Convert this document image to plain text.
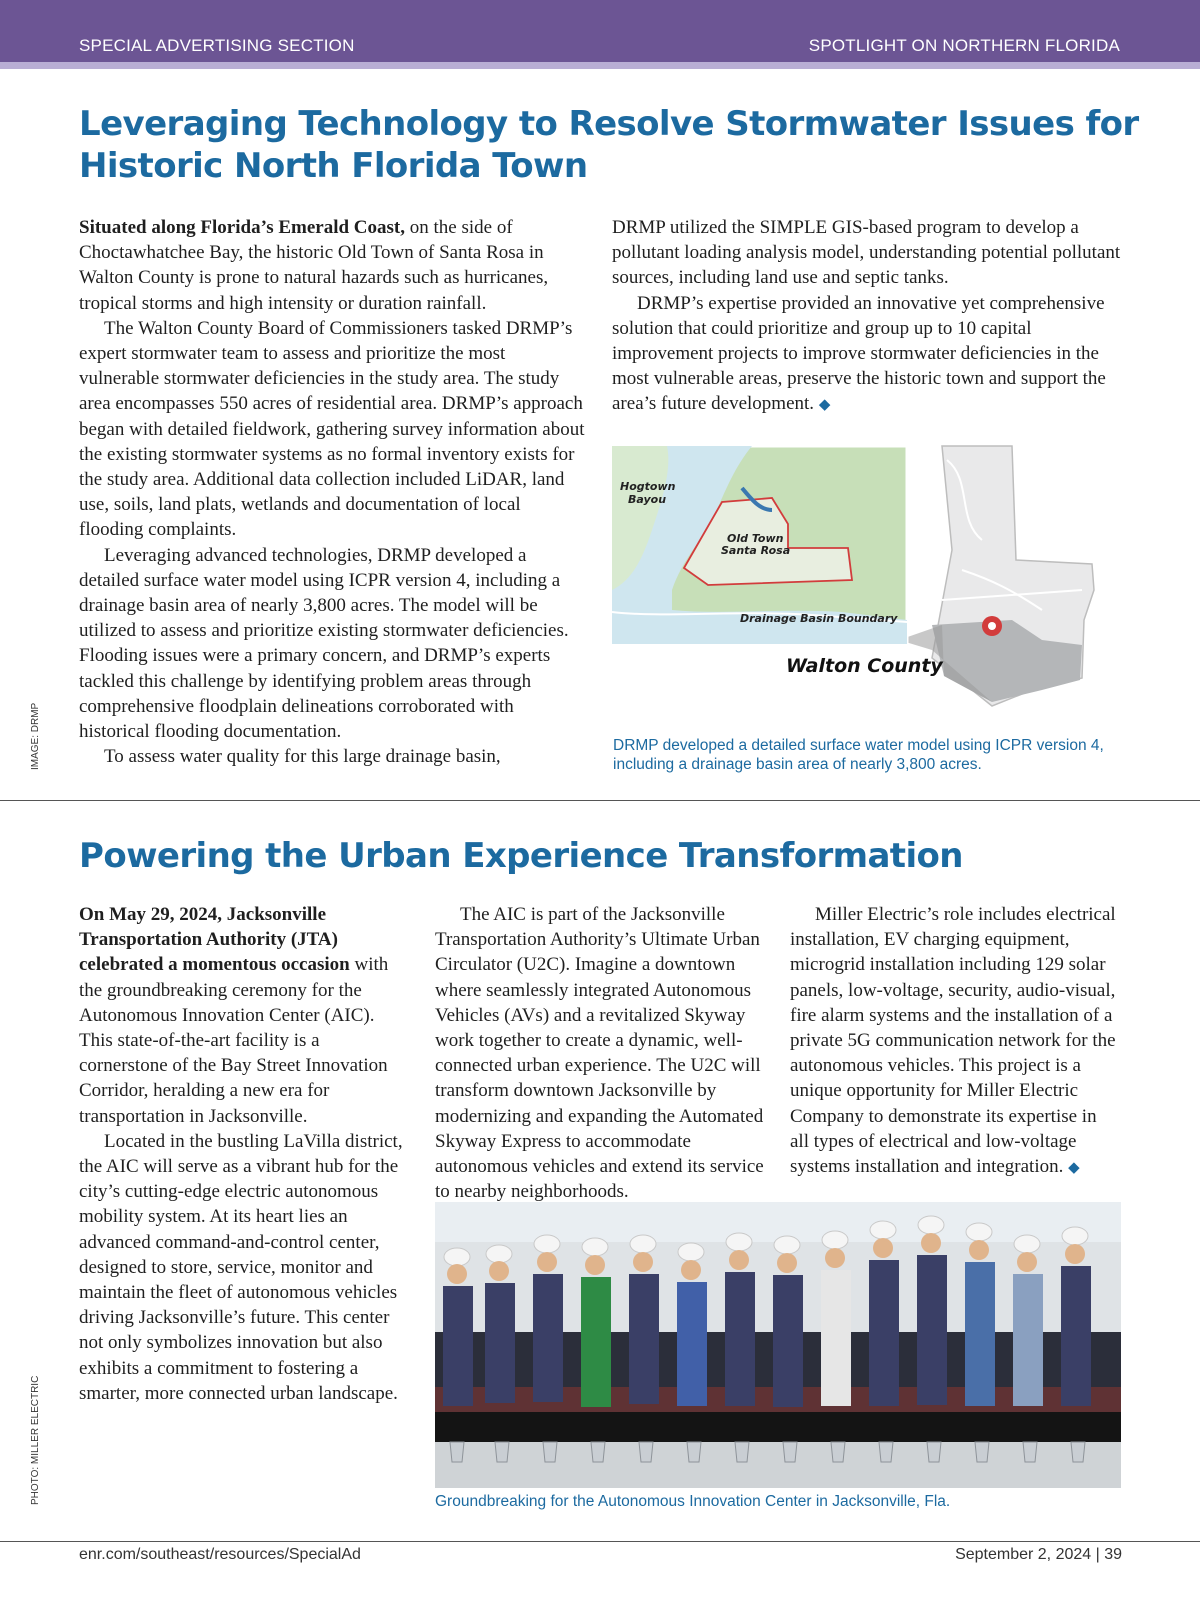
SPECIAL ADVERTISING SECTION	SPOTLIGHT ON NORTHERN FLORIDA
Leveraging Technology to Resolve Stormwater Issues for
Historic North Florida Town

Situated along Florida’s Emerald Coast, on the side of Choctawhatchee Bay, the historic Old Town of Santa Rosa in Walton County is prone to natural hazards such as hurricanes, tropical storms and high intensity or duration rainfall.

The Walton County Board of Commissioners tasked DRMP’s expert stormwater team to assess and prioritize the most vulnerable stormwater deficiencies in the study area. The study area encompasses 550 acres of residential area. DRMP’s approach began with detailed fieldwork, gathering survey information about the existing stormwater systems as no formal inventory exists for the study area. Additional data collection included LiDAR, land use, soils, land plats, wetlands and documentation of local flooding complaints.

Leveraging advanced technologies, DRMP developed a detailed surface water model using ICPR version 4, including a drainage basin area of nearly 3,800 acres. The model will be utilized to assess and prioritize existing stormwater deficiencies. Flooding issues were a primary concern, and DRMP’s experts tackled this challenge by identifying problem areas through comprehensive floodplain delineations corroborated with historical flooding documentation.

To assess water quality for this large drainage basin,

DRMP utilized the SIMPLE GIS-based program to develop a pollutant loading analysis model, understanding potential pollutant sources, including land use and septic tanks.

DRMP’s expertise provided an innovative yet comprehensive solution that could prioritize and group up to 10 capital improvement projects to improve stormwater deficiencies in the most vulnerable areas, preserve the historic town and support the area’s future development. ◆

Hogtown
Bayou
Old Town
Santa Rosa
Drainage Basin Boundary
Walton County
DRMP developed a detailed surface water model using ICPR version 4, including a drainage basin area of nearly 3,800 acres.
IMAGE: DRMP
Powering the Urban Experience Transformation

On May 29, 2024, Jacksonville Transportation Authority (JTA) celebrated a momentous occasion with the groundbreaking ceremony for the Autonomous Innovation Center (AIC). This state-of-the-art facility is a cornerstone of the Bay Street Innovation Corridor, heralding a new era for transportation in Jacksonville.

Located in the bustling LaVilla district, the AIC will serve as a vibrant hub for the city’s cutting-edge electric autonomous mobility system. At its heart lies an advanced command-and-control center, designed to store, service, monitor and maintain the fleet of autonomous vehicles driving Jacksonville’s future. This center not only symbolizes innovation but also exhibits a commitment to fostering a smarter, more connected urban landscape.

The AIC is part of the Jacksonville Transportation Authority’s Ultimate Urban Circulator (U2C). Imagine a downtown where seamlessly integrated Autonomous Vehicles (AVs) and a revitalized Skyway work together to create a dynamic, well-connected urban experience. The U2C will transform downtown Jacksonville by modernizing and expanding the Automated Skyway Express to accommodate autonomous vehicles and extend its service to nearby neighborhoods.

Miller Electric’s role includes electrical installation, EV charging equipment, microgrid installation including 129 solar panels, low-voltage, security, audio-visual, fire alarm systems and the installation of a private 5G communication network for the autonomous vehicles. This project is a unique opportunity for Miller Electric Company to demonstrate its expertise in all types of electrical and low-voltage systems installation and integration. ◆

Groundbreaking for the Autonomous Innovation Center in Jacksonville, Fla.
PHOTO: MILLER ELECTRIC
enr.com/southeast/resources/SpecialAd	September 2, 2024 | 39
